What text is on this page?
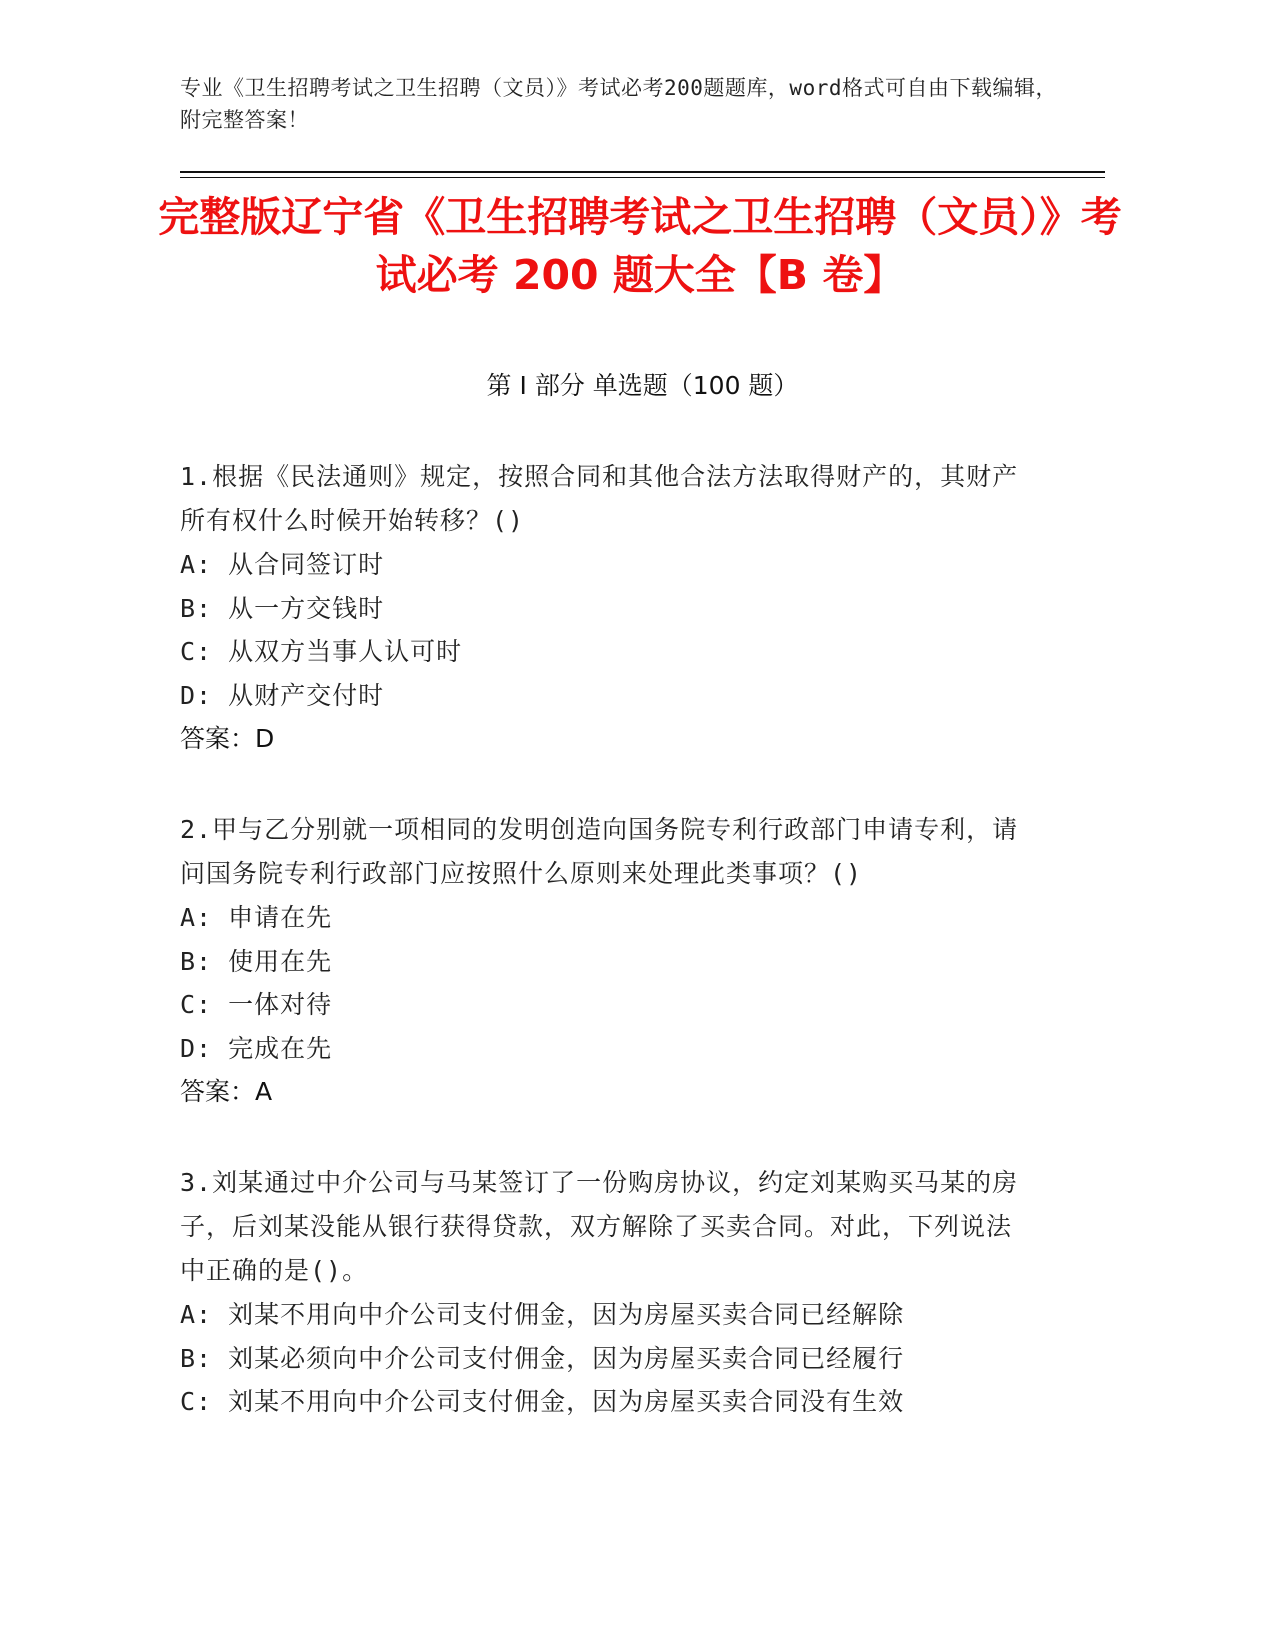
专业《卫生招聘考试之卫生招聘（文员）》考试必考200题题库，word格式可自由下载编辑，附完整答案！
完整版辽宁省《卫生招聘考试之卫生招聘（文员）》考试必考 200 题大全【B 卷】
第 I 部分 单选题（100 题）

1.根据《民法通则》规定，按照合同和其他合法方法取得财产的，其财产所有权什么时候开始转移？()

A: 从合同签订时

B: 从一方交钱时

C: 从双方当事人认可时

D: 从财产交付时

答案：D

2.甲与乙分别就一项相同的发明创造向国务院专利行政部门申请专利，请问国务院专利行政部门应按照什么原则来处理此类事项？()

A: 申请在先

B: 使用在先

C: 一体对待

D: 完成在先

答案：A

3.刘某通过中介公司与马某签订了一份购房协议，约定刘某购买马某的房子，后刘某没能从银行获得贷款，双方解除了买卖合同。对此，下列说法中正确的是()。

A: 刘某不用向中介公司支付佣金，因为房屋买卖合同已经解除

B: 刘某必须向中介公司支付佣金，因为房屋买卖合同已经履行

C: 刘某不用向中介公司支付佣金，因为房屋买卖合同没有生效
